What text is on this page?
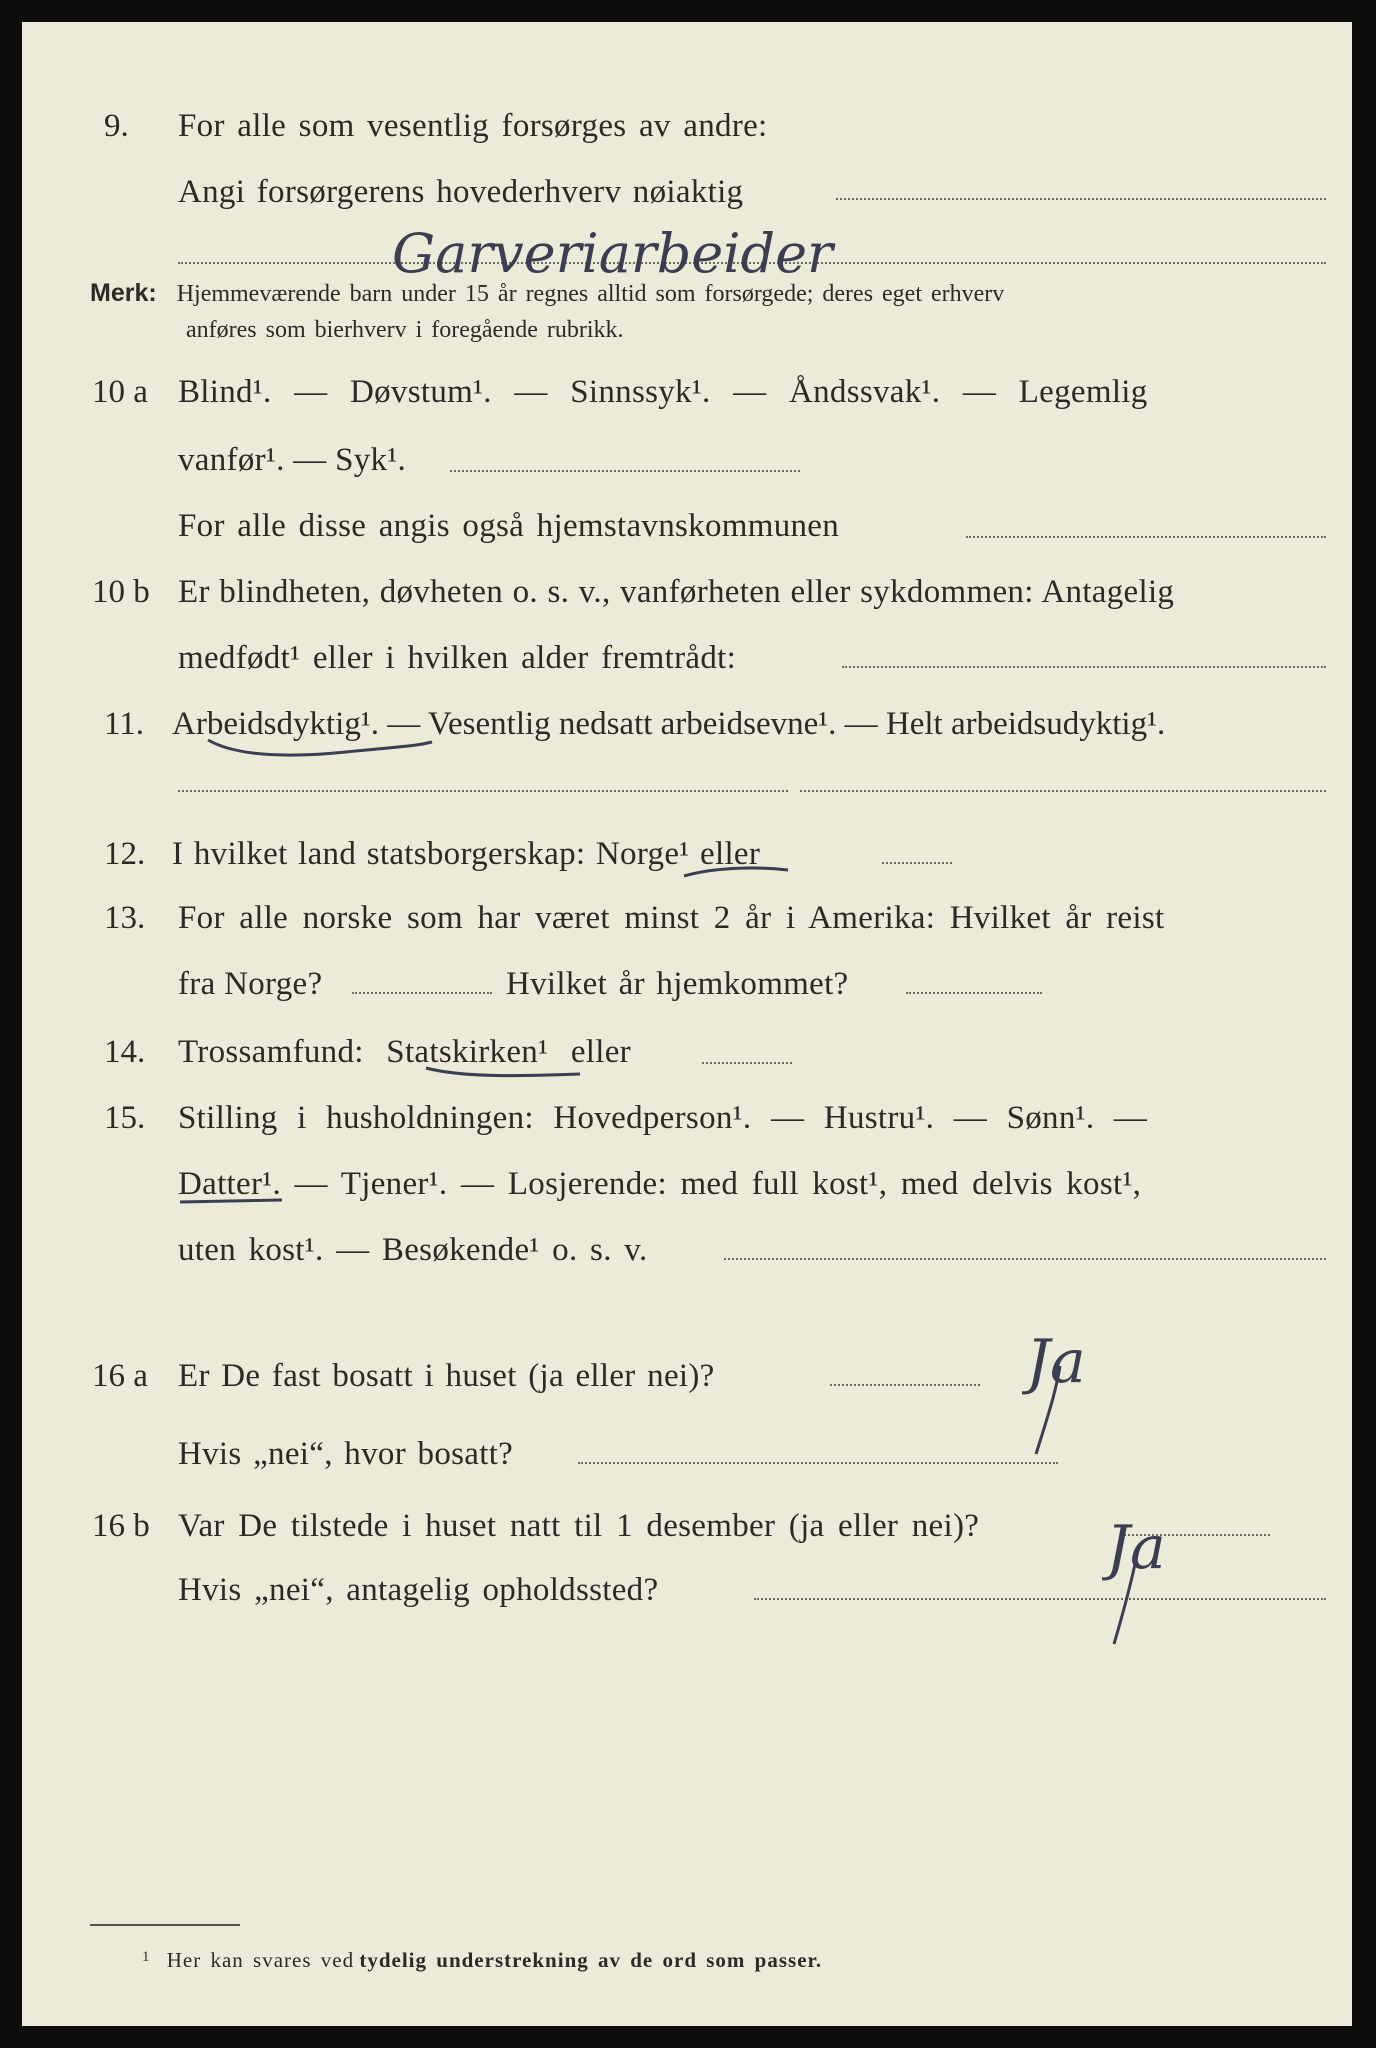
9. For alle som vesentlig forsørges av andre:
Angi forsørgerens hovederhverv nøiaktig
Garveriarbeider
Merk: Hjemmeværende barn under 15 år regnes alltid som forsørgede; deres eget erhverv
anføres som bierhverv i foregående rubrikk.
10 a Blind¹. — Døvstum¹. — Sinnssyk¹. — Åndssvak¹. — Legemlig
vanfør¹. — Syk¹.
For alle disse angis også hjemstavnskommunen
10 b Er blindheten, døvheten o. s. v., vanførheten eller sykdommen: Antagelig
medfødt¹ eller i hvilken alder fremtrådt:
11. Arbeidsdyktig¹. — Vesentlig nedsatt arbeidsevne¹. — Helt arbeidsudyktig¹.
12. I hvilket land statsborgerskap: Norge¹ eller
13. For alle norske som har været minst 2 år i Amerika: Hvilket år reist
fra Norge?	Hvilket år hjemkommet?
14. Trossamfund: Statskirken¹ eller
15. Stilling i husholdningen: Hovedperson¹. — Hustru¹. — Sønn¹. —
Datter¹. — Tjener¹. — Losjerende: med full kost¹, med delvis kost¹,
uten kost¹. — Besøkende¹ o. s. v.
16 a Er De fast bosatt i huset (ja eller nei)?
Hvis „nei“, hvor bosatt?
Ja
16 b Var De tilstede i huset natt til 1 desember (ja eller nei)?
Hvis „nei“, antagelig opholdssted?
Ja
$^1$ Her kan svares ved tydelig understrekning av de ord som passer.
